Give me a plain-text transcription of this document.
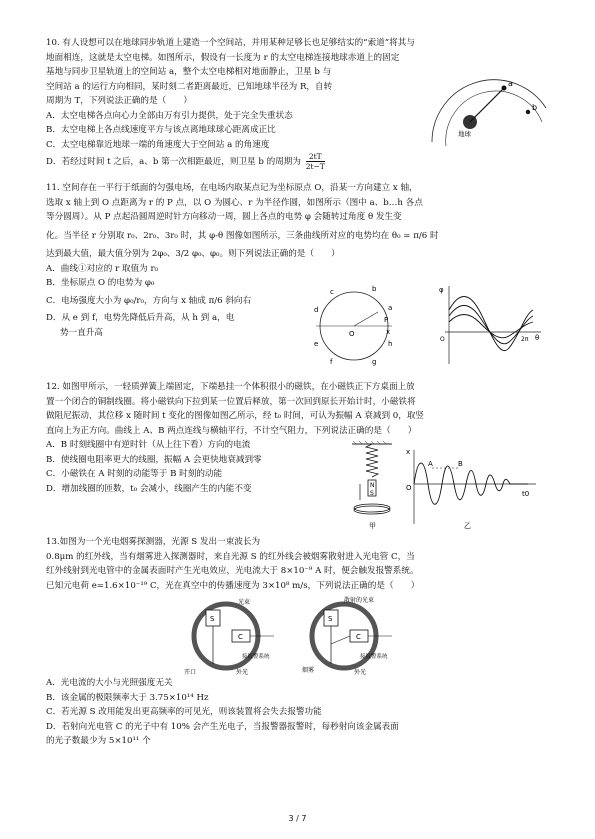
10. 有人设想可以在地球同步轨道上建造一个空间站，并用某种足够长也足够结实的“索道”将其与
地面相连，这就是太空电梯。如图所示，假设有一长度为 r 的太空电梯连接地球赤道上的固定
基地与同步卫星轨道上的空间站 a，整个太空电梯相对地面静止，卫星 b 与
空间站 a 的运行方向相同，某时刻二者距离最近，已知地球半径为 R，自转
周期为 T，下列说法正确的是（　　）
A．太空电梯各点向心力全部由万有引力提供，处于完全失重状态
B．太空电梯上各点线速度平方与该点离地球球心距离成正比
C．太空电梯靠近地球一端的角速度大于空间站 a 的角速度
D．若经过时间 t 之后，a、b 第一次相距最近，则卫星 b 的周期为 $\frac{2tT}{2t-T}$
a
b
地球
11. 空间存在一平行于纸面的匀强电场，在电场内取某点记为坐标原点 O，沿某一方向建立 x 轴，
选取 x 轴上到 O 点距离为 r 的 P 点，以 O 为圆心、r 为半径作圆，如图所示（图中 a、b…h 各点
等分圆周）。从 P 点起沿圆周逆时针方向移动一周，圆上各点的电势 φ 会随转过角度 θ 发生变
化。当半径 r 分别取 r₀、2r₀、3r₀ 时，其 φ-θ 图像如图所示，三条曲线所对应的电势均在 θ₀ = π/6 时
达到最大值，最大值分别为 2φ₀、3/2 φ₀、φ₀。则下列说法正确的是（　　）
A．曲线①对应的 r 取值为 r₀
B．坐标原点 O 的电势为 φ₀
C．电场强度大小为 φ₀/r₀，方向与 x 轴成 π/6 斜向右
D．从 e 到 f，电势先降低后升高，从 h 到 a，电
势一直升高	O
P
x
a
b
c
d
e
f	g
h
φ
θ
2π
O
12. 如图甲所示，一轻质弹簧上端固定，下端悬挂一个体积很小的磁铁，在小磁铁正下方桌面上放
置一个闭合的铜制线圈。将小磁铁向下拉到某一位置后释放，第一次回到原长开始计时，小磁铁将
做阻尼振动，其位移 x 随时间 t 变化的图像如图乙所示，经 t₀ 时间，可认为振幅 A 衰减到 0，取竖
直向上为正方向。曲线上 A、B 两点连线与横轴平行，不计空气阻力，下列说法正确的是（　　）
A．B 时刻线圈中有逆时针（从上往下看）方向的电流
B．使线圈电阻率更大的线圈，振幅 A 会更快地衰减到零
C．小磁铁在 A 时刻的动能等于 B 时刻的动能
D．增加线圈的匝数，t₀ 会减小，线圈产生的内能不变	N
S
甲
x
O
A	B
t0
乙
13.如图为一个光电烟雾探测器，光源 S 发出一束波长为
0.8μm 的红外线，当有烟雾进入探测器时，来自光源 S 的红外线会被烟雾散射进入光电管 C，当
红外线射到光电管中的金属表面时产生光电效应，光电流大于 8×10⁻⁹ A 时，便会触发报警系统。
已知元电荷 e=1.6×10⁻¹⁹ C，光在真空中的传播速度为 3×10⁸ m/s，下列说法正确的是（　　）
S
C
光束
开口
接报警系统
外光
S
C
散射的光束
烟雾
接报警系统
外光
A．光电流的大小与光照强度无关
B．该金属的极限频率大于 3.75×10¹⁴ Hz
C．若光源 S 改用能发出更高频率的可见光，则该装置将会失去报警功能
D．若射向光电管 C 的光子中有 10% 会产生光电子，当报警器报警时，每秒射向该金属表面
的光子数最少为 5×10¹¹ 个
3 / 7
